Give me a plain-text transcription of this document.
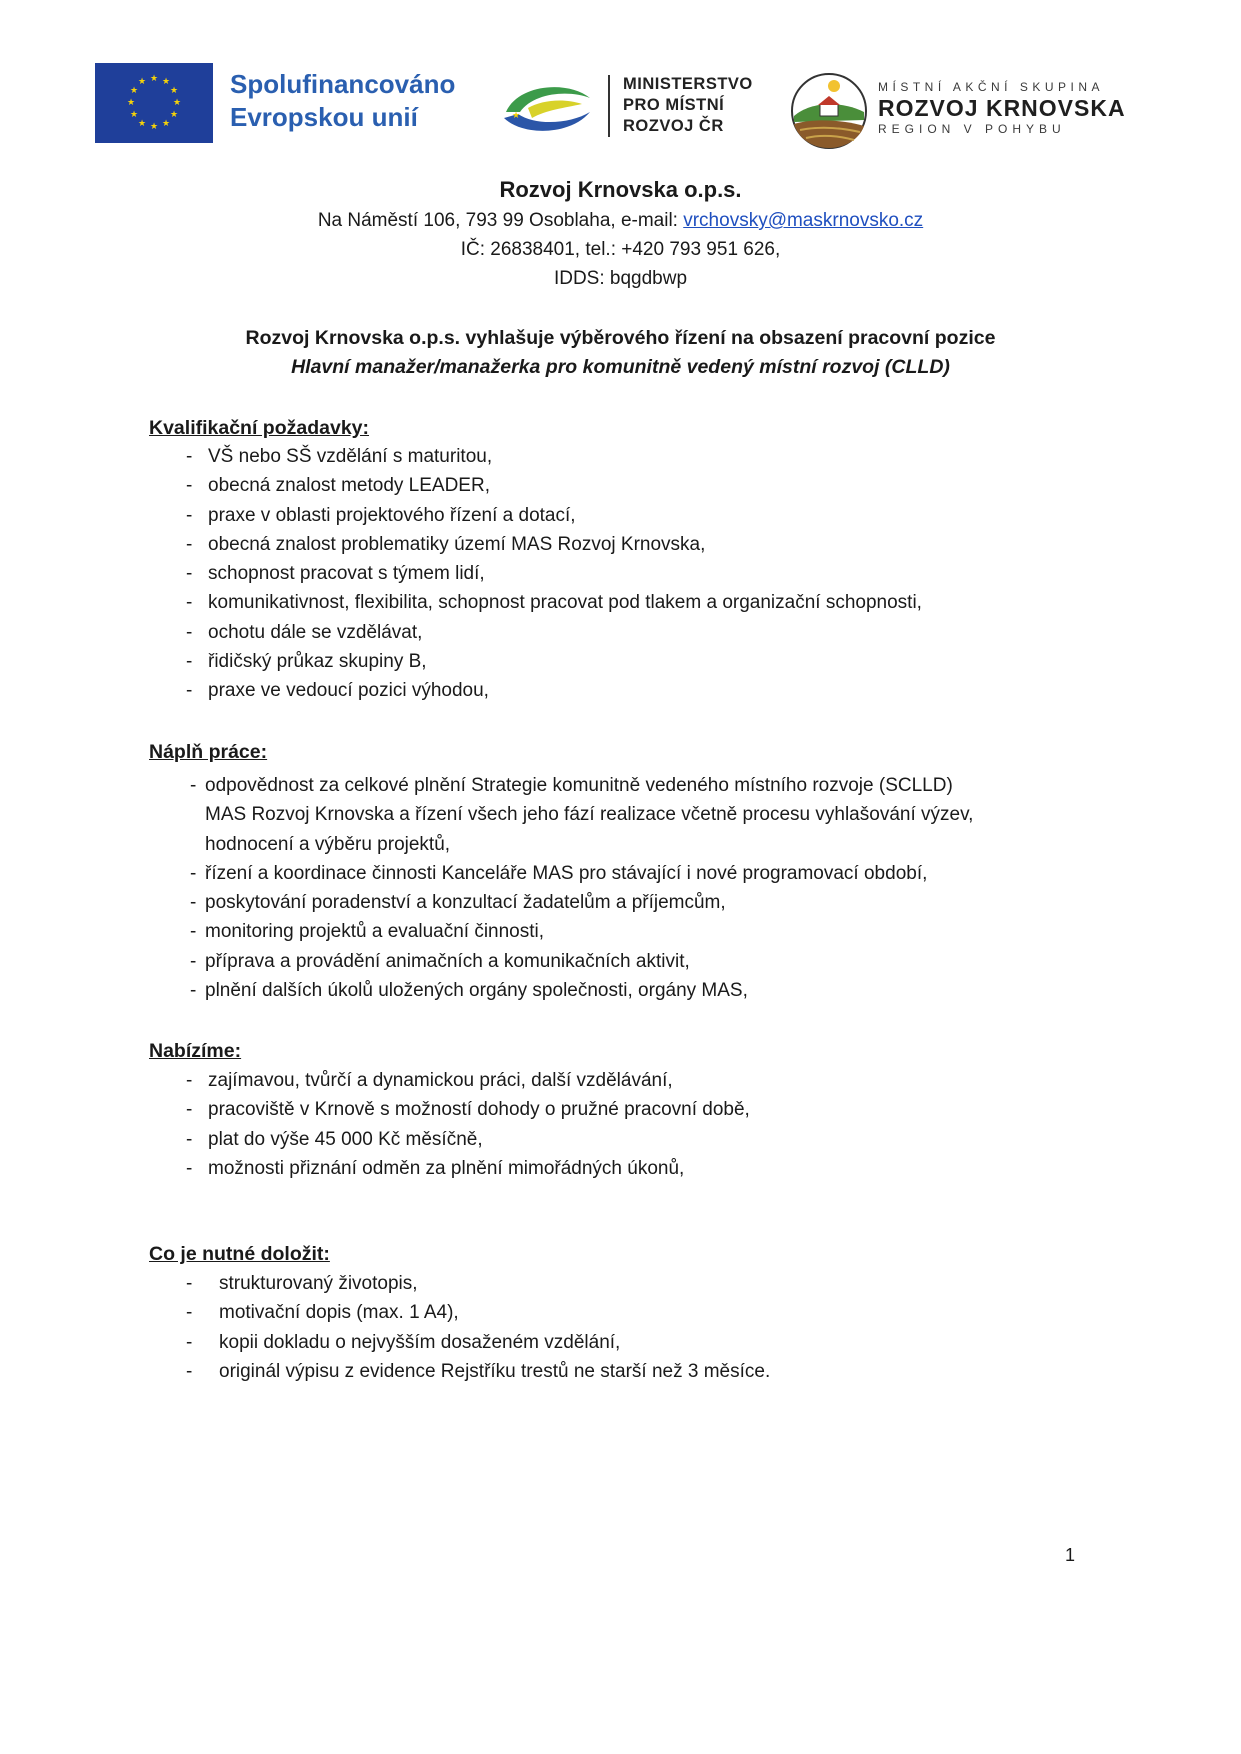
★ ★
★
★
★
★
★
★
★
★
★
★	Spolufinancováno
Evropskou unií	★
MINISTERSTVO
PRO MÍSTNÍ
ROZVOJ ČR
MÍSTNÍ AKČNÍ SKUPINA
ROZVOJ KRNOVSKA
REGION V POHYBU
Rozvoj Krnovska o.p.s.
Na Náměstí 106, 793 99 Osoblaha, e-mail: vrchovsky@maskrnovsko.cz
IČ: 26838401, tel.: +420 793 951 626,
IDDS: bqgdbwp
Rozvoj Krnovska o.p.s. vyhlašuje výběrového řízení na obsazení pracovní pozice
Hlavní manažer/manažerka pro komunitně vedený místní rozvoj (CLLD)
Kvalifikační požadavky:
- VŠ nebo SŠ vzdělání s maturitou,
- obecná znalost metody LEADER,
- praxe v oblasti projektového řízení a dotací,
- obecná znalost problematiky území MAS Rozvoj Krnovska,
- schopnost pracovat s týmem lidí,
- komunikativnost, flexibilita, schopnost pracovat pod tlakem a organizační schopnosti,
- ochotu dále se vzdělávat,
- řidičský průkaz skupiny B,
- praxe ve vedoucí pozici výhodou,
Náplň práce:
- odpovědnost za celkové plnění Strategie komunitně vedeného místního rozvoje (SCLLD)
MAS Rozvoj Krnovska a řízení všech jeho fází realizace včetně procesu vyhlašování výzev,
hodnocení a výběru projektů,
- řízení a koordinace činnosti Kanceláře MAS pro stávající i nové programovací období,
- poskytování poradenství a konzultací žadatelům a příjemcům,
- monitoring projektů a evaluační činnosti,
- příprava a provádění animačních a komunikačních aktivit,
- plnění dalších úkolů uložených orgány společnosti, orgány MAS,
Nabízíme:
- zajímavou, tvůrčí a dynamickou práci, další vzdělávání,
- pracoviště v Krnově s možností dohody o pružné pracovní době,
- plat do výše 45 000 Kč měsíčně,
- možnosti přiznání odměn za plnění mimořádných úkonů,
Co je nutné doložit:
- strukturovaný životopis,
- motivační dopis (max. 1 A4),
- kopii dokladu o nejvyšším dosaženém vzdělání,
- originál výpisu z evidence Rejstříku trestů ne starší než 3 měsíce.
1
